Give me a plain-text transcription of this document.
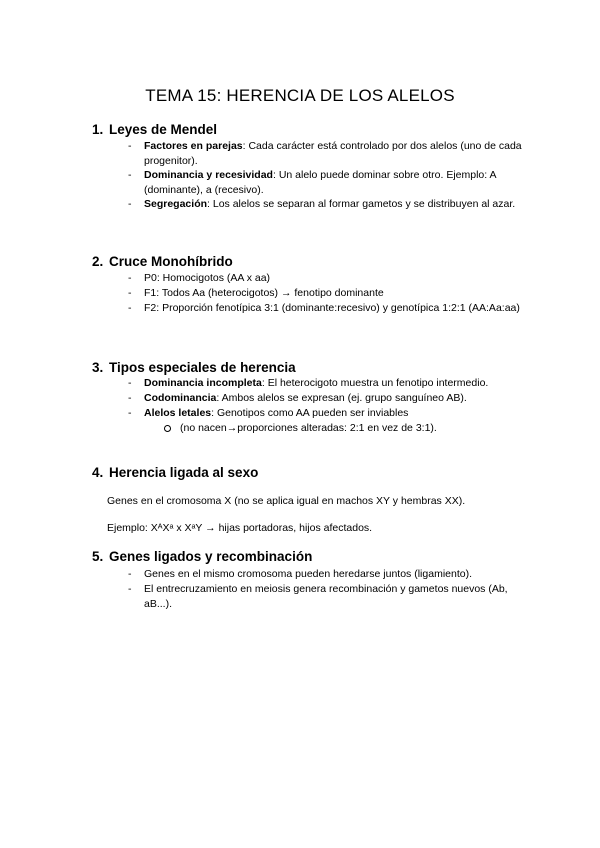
TEMA 15: HERENCIA DE LOS ALELOS
1. Leyes de Mendel
- Factores en parejas: Cada carácter está controlado por dos alelos (uno de cada progenitor).
- Dominancia y recesividad: Un alelo puede dominar sobre otro. Ejemplo: A (dominante), a (recesivo).
- Segregación: Los alelos se separan al formar gametos y se distribuyen al azar.
2. Cruce Monohíbrido
- P0: Homocigotos (AA x aa)
- F1: Todos Aa (heterocigotos) → fenotipo dominante
- F2: Proporción fenotípica 3:1 (dominante:recesivo) y genotípica 1:2:1 (AA:Aa:aa)
3. Tipos especiales de herencia
- Dominancia incompleta: El heterocigoto muestra un fenotipo intermedio.
- Codominancia: Ambos alelos se expresan (ej. grupo sanguíneo AB).
- Alelos letales: Genotipos como AA pueden ser inviables
(no nacen→proporciones alteradas: 2:1 en vez de 3:1).
4. Herencia ligada al sexo
Genes en el cromosoma X (no se aplica igual en machos XY y hembras XX).
Ejemplo: XᴬXᵃ x XᵃY → hijas portadoras, hijos afectados.
5. Genes ligados y recombinación
- Genes en el mismo cromosoma pueden heredarse juntos (ligamiento).
- El entrecruzamiento en meiosis genera recombinación y gametos nuevos (Ab, aB...).
